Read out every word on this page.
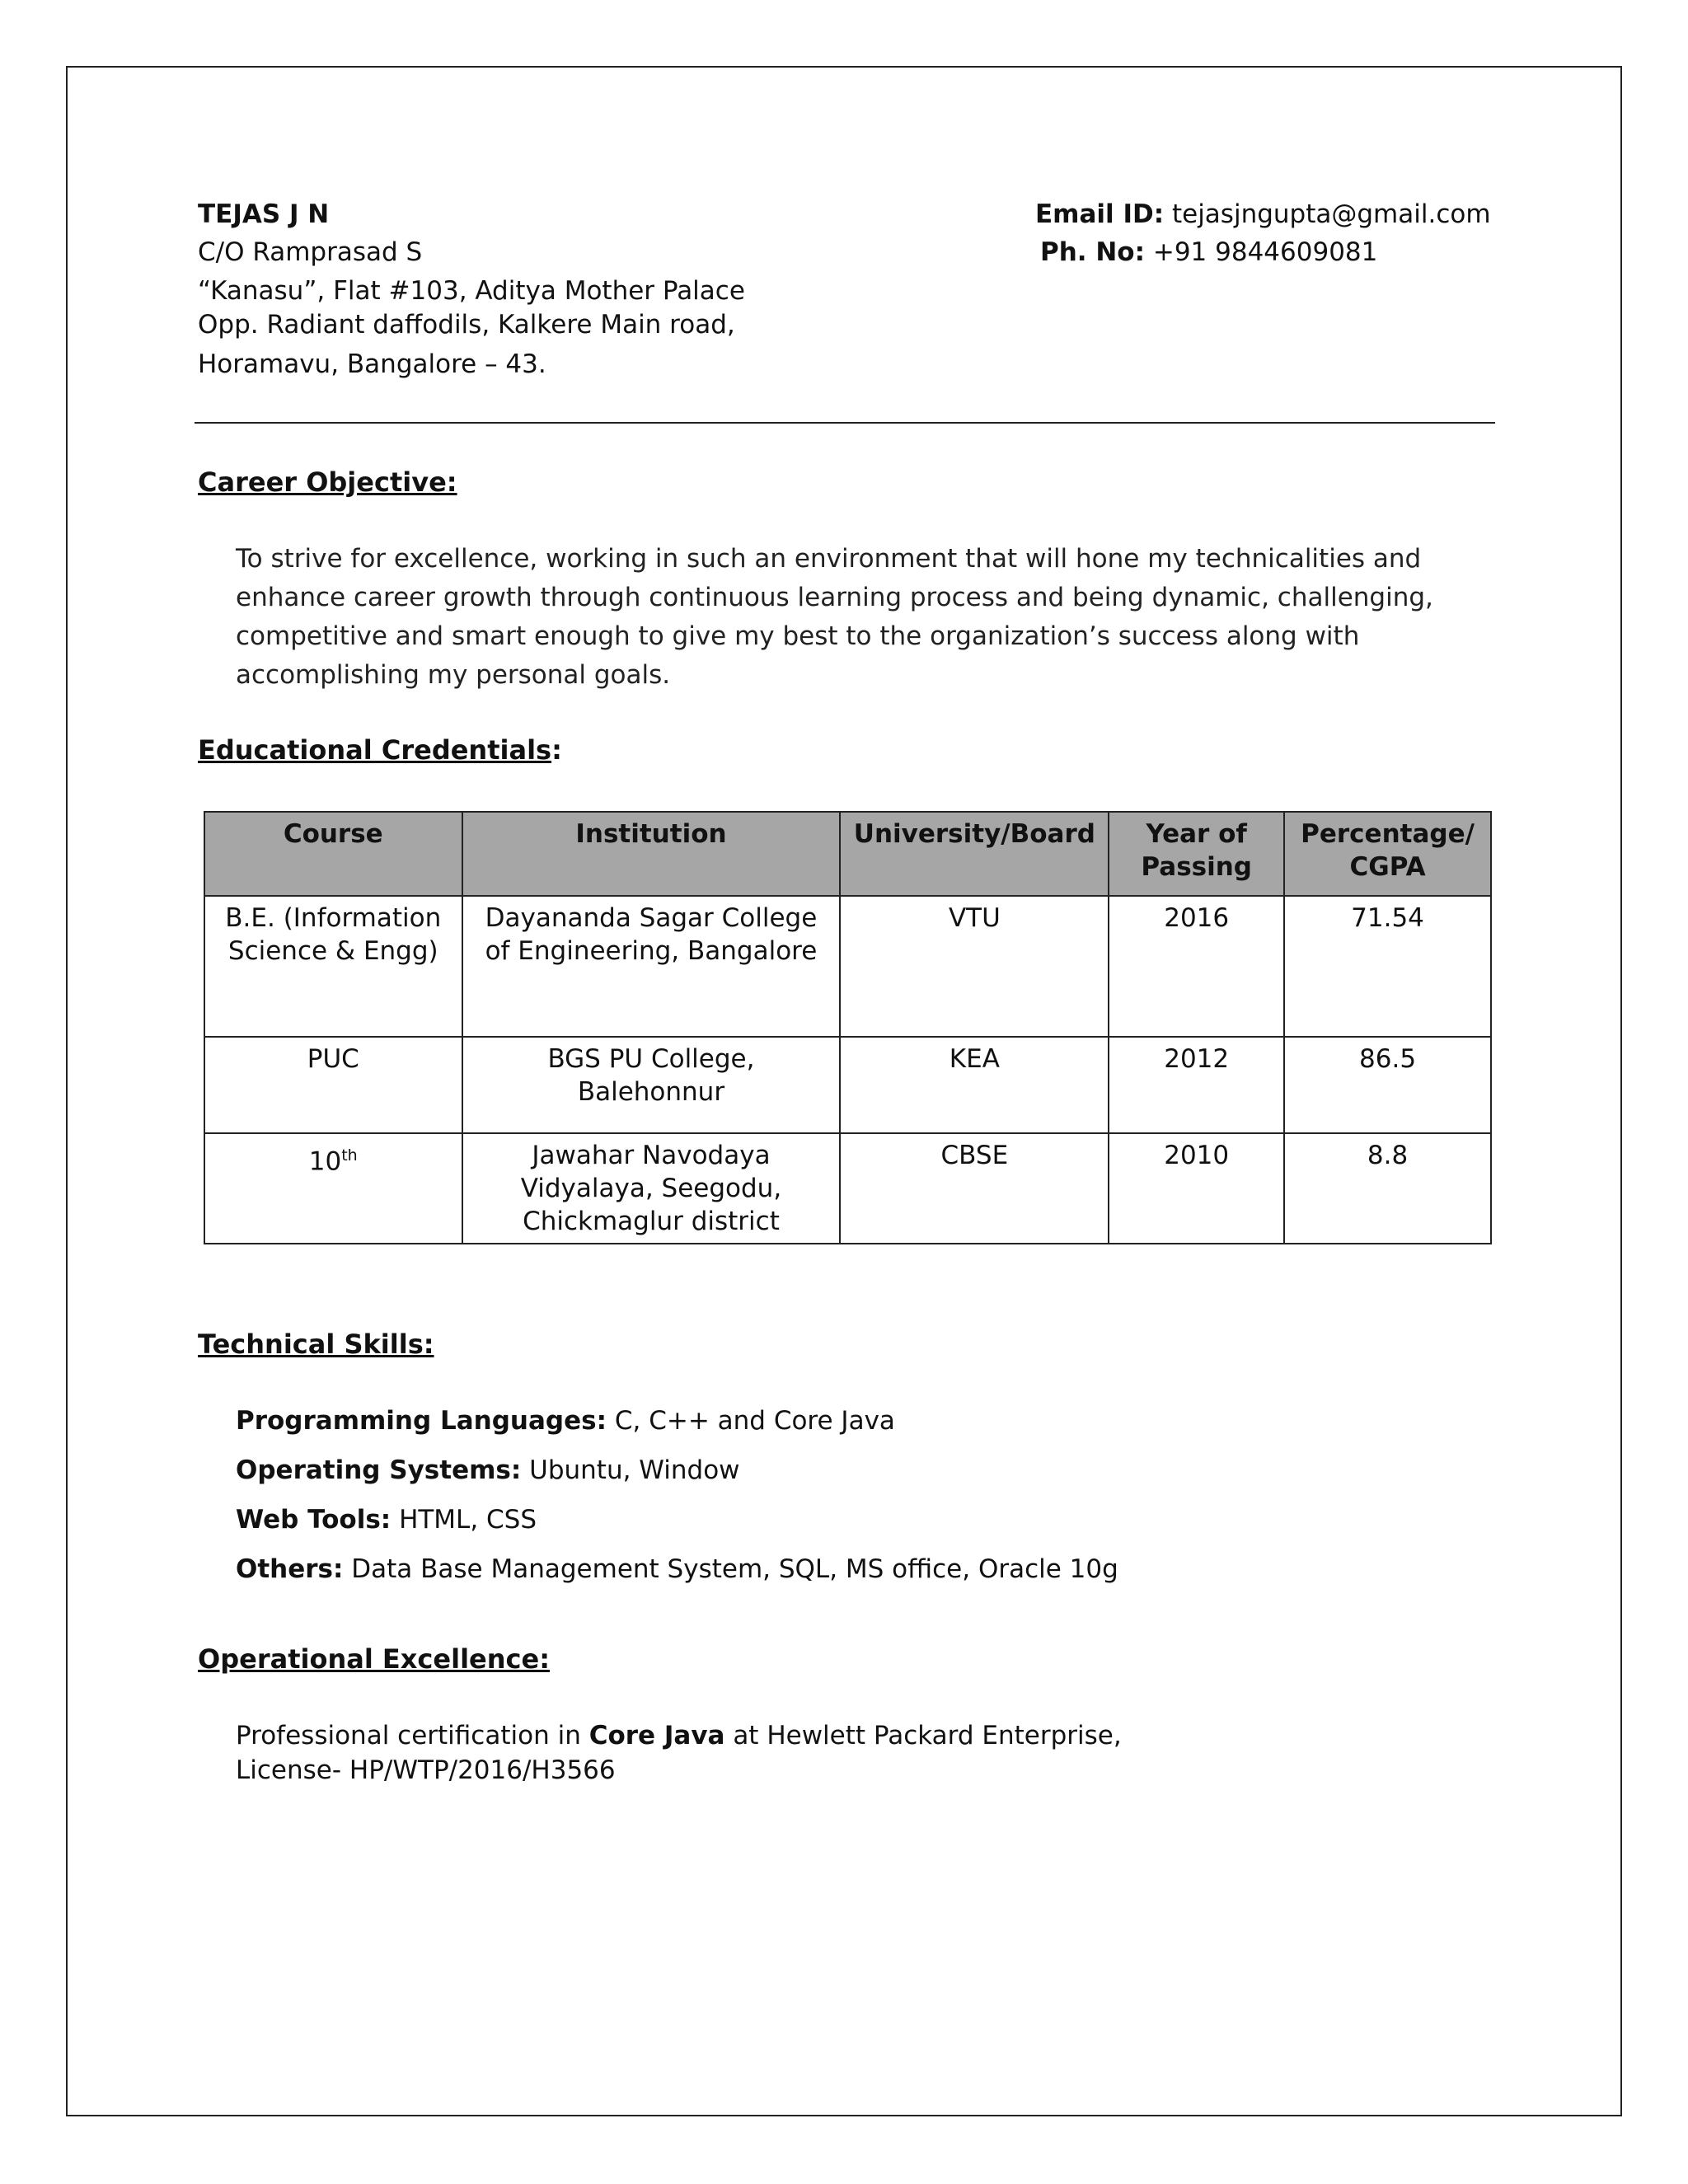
TEJAS J N
C/O Ramprasad S
“Kanasu”, Flat #103, Aditya Mother Palace
Opp. Radiant daffodils, Kalkere Main road,
Horamavu, Bangalore – 43.
Email ID: tejasjngupta@gmail.com
Ph. No: +91 9844609081
Career Objective:
To strive for excellence, working in such an environment that will hone my technicalities and enhance career growth through continuous learning process and being dynamic, challenging, competitive and smart enough to give my best to the organization’s success along with accomplishing my personal goals.
Educational Credentials:
Course	Institution	University/Board	Year of Passing	Percentage/ CGPA
B.E. (Information Science & Engg)	Dayananda Sagar College of Engineering, Bangalore	VTU	2016	71.54
PUC	BGS PU College, Balehonnur	KEA	2012	86.5
10th	Jawahar Navodaya Vidyalaya, Seegodu, Chickmaglur district	CBSE	2010	8.8
Technical Skills:
Programming Languages: C, C++ and Core Java
Operating Systems: Ubuntu, Window
Web Tools: HTML, CSS
Others: Data Base Management System, SQL, MS office, Oracle 10g
Operational Excellence:
Professional certification in Core Java at Hewlett Packard Enterprise,
License- HP/WTP/2016/H3566
